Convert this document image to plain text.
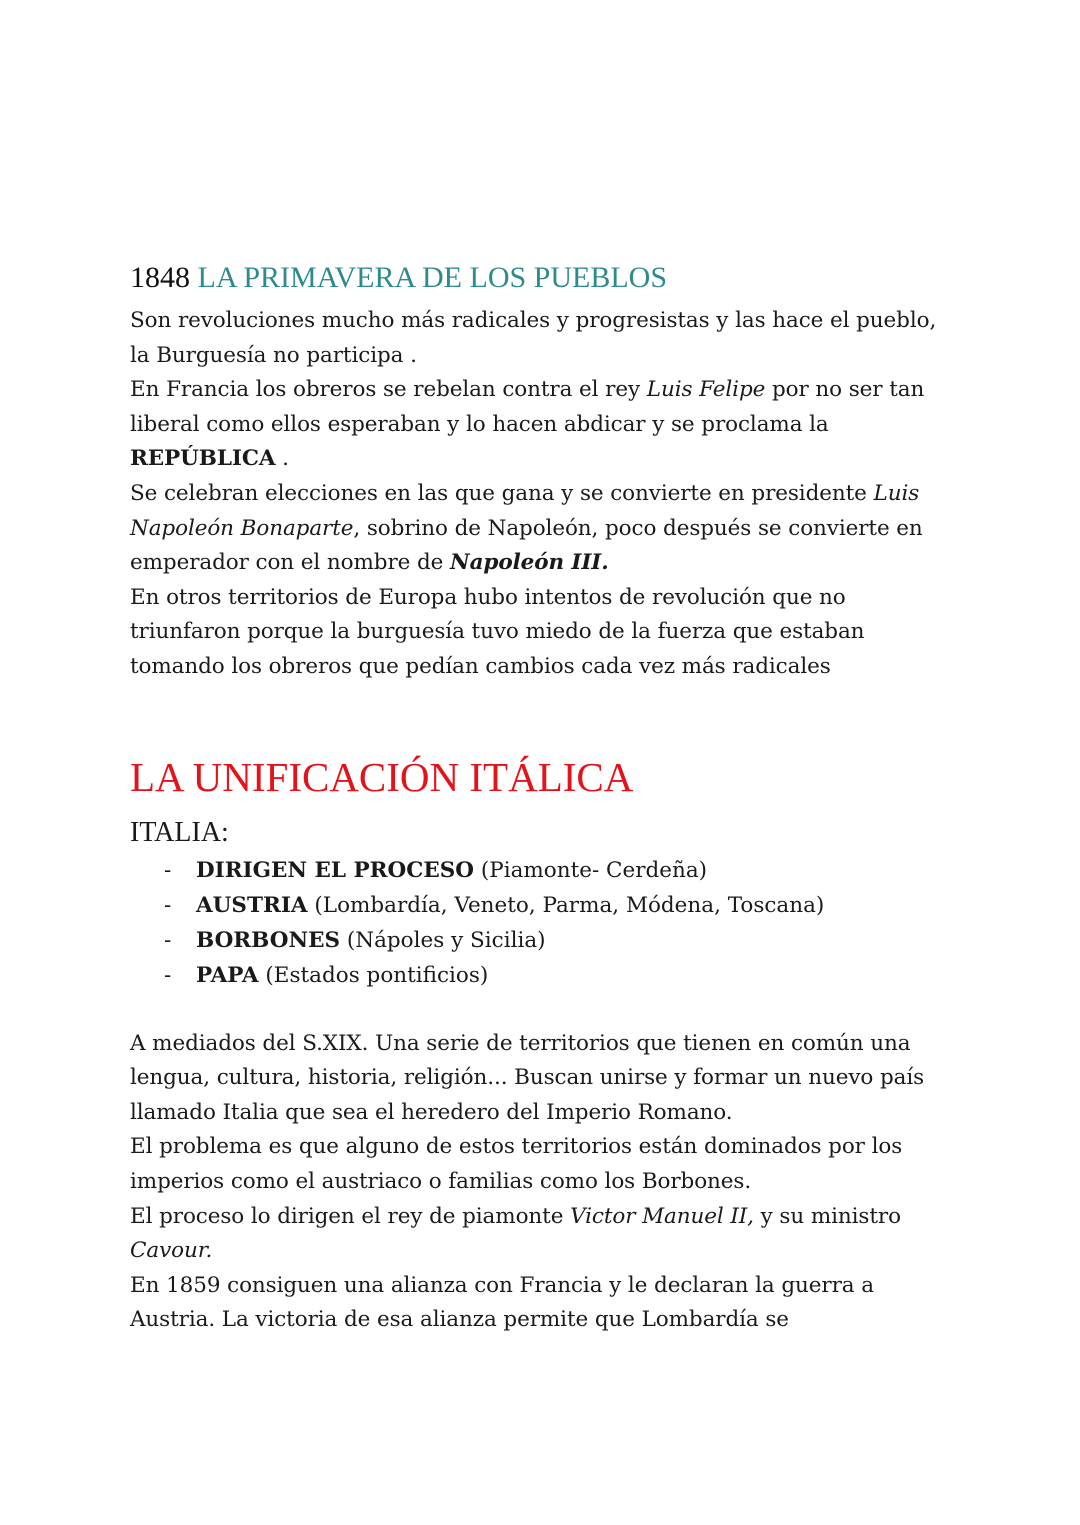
1848 LA PRIMAVERA DE LOS PUEBLOS

Son revoluciones mucho más radicales y progresistas y las hace el pueblo, la Burguesía no participa .

En Francia los obreros se rebelan contra el rey Luis Felipe por no ser tan liberal como ellos esperaban y lo hacen abdicar y se proclama la REPÚBLICA .

Se celebran elecciones en las que gana y se convierte en presidente Luis Napoleón Bonaparte, sobrino de Napoleón, poco después se convierte en emperador con el nombre de Napoleón III.

En otros territorios de Europa hubo intentos de revolución que no triunfaron porque la burguesía tuvo miedo de la fuerza que estaban tomando los obreros que pedían cambios cada vez más radicales

LA UNIFICACIÓN ITÁLICA
ITALIA:
- DIRIGEN EL PROCESO (Piamonte- Cerdeña)
- AUSTRIA (Lombardía, Veneto, Parma, Módena, Toscana)
- BORBONES (Nápoles y Sicilia)
- PAPA (Estados pontificios)

A mediados del S.XIX. Una serie de territorios que tienen en común una lengua, cultura, historia, religión... Buscan unirse y formar un nuevo país llamado Italia que sea el heredero del Imperio Romano.

El problema es que alguno de estos territorios están dominados por los imperios como el austriaco o familias como los Borbones.

El proceso lo dirigen el rey de piamonte Victor Manuel II, y su ministro Cavour.

En 1859 consiguen una alianza con Francia y le declaran la guerra a Austria. La victoria de esa alianza permite que Lombardía se
